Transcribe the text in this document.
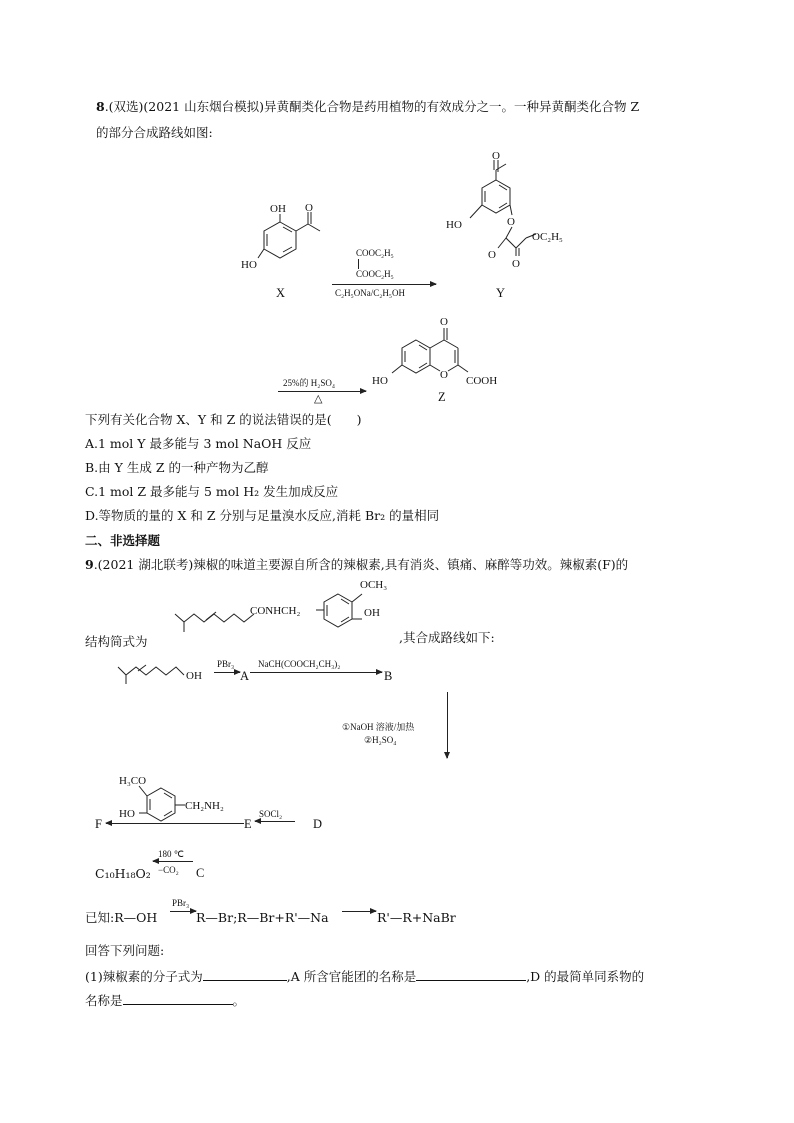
8.(双选)(2021 山东烟台模拟)异黄酮类化合物是药用植物的有效成分之一。一种异黄酮类化合物 Z
的部分合成路线如图:
OH O
HO
X
COOC₂H₅
COOC₂H₅
C₂H₅ONa/C₂H₅OH
O
HO	O
OC₂H₅
O
O
Y
25%的 H₂SO₄
△
O
HO	O COOH
Z
下列有关化合物 X、Y 和 Z 的说法错误的是(　　)
A.1 mol Y 最多能与 3 mol NaOH 反应
B.由 Y 生成 Z 的一种产物为乙醇
C.1 mol Z 最多能与 5 mol H₂ 发生加成反应
D.等物质的量的 X 和 Z 分别与足量溴水反应,消耗 Br₂ 的量相同
二、非选择题
9.(2021 湖北联考)辣椒的味道主要源自所含的辣椒素,具有消炎、镇痛、麻醉等功效。辣椒素(F)的
OCH₃
OH
CONHCH₂
结构简式为	,其合成路线如下:
OH
PBr₃
A
NaCH(COOCH₂CH₃)₂
B
①NaOH 溶液/加热
②H₂SO₄
H₃CO
HO
CH₂NH₂
F	E
SOCl₂
D
C₁₀H₁₈O₂
180 ℃
−CO₂ C
已知:R—OH
PBr₃
R—Br;R—Br+R'—Na	R'—R+NaBr
回答下列问题:
(1)辣椒素的分子式为	,A 所含官能团的名称是	,D 的最简单同系物的
名称是	。
